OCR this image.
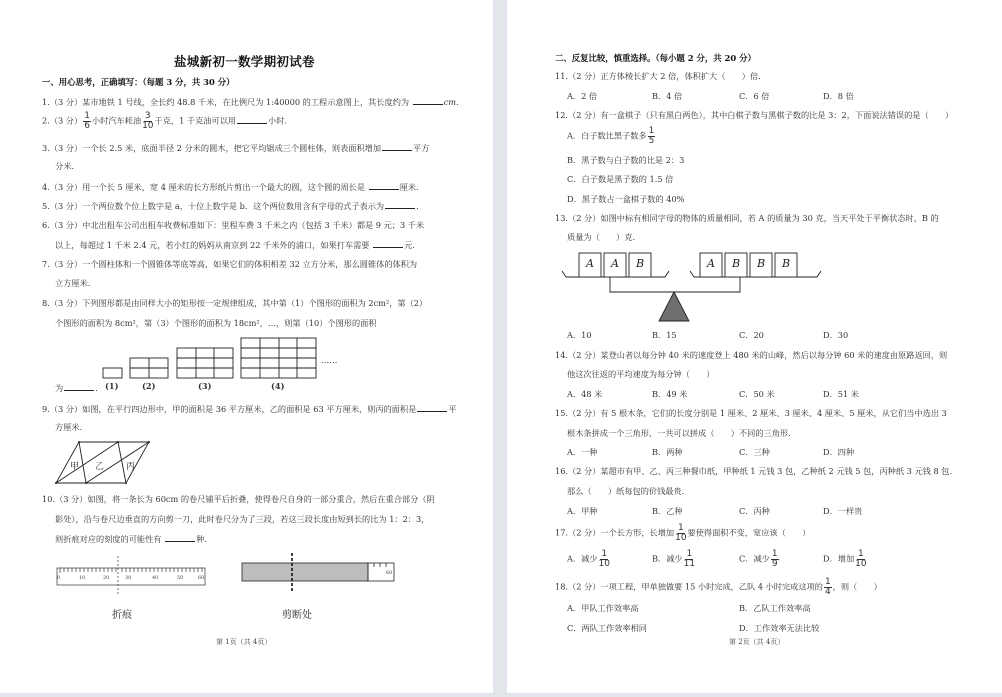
盐城新初一数学期初试卷
一、用心思考，正确填写：（每题 3 分，共 30 分）
1.（3 分）某市地铁 1 号线，全长约 48.8 千米，在比例尺为 1:40000 的工程示意图上，其长度约为	cm.
2.（3 分） $\frac{1}{6}$ 小时汽车耗油 $\frac{3}{10}$ 千克，1 千克油可以用	小时.
3.（3 分）一个长 2.5 米，底面半径 2 分米的圆木，把它平均锯成三个圆柱体，则表面积增加	平方
分米.
4.（3 分）用一个长 5 厘米，宽 4 厘米的长方形纸片剪出一个最大的圆，这个圆的周长是	厘米.
5.（3 分）一个两位数个位上数字是 a，十位上数字是 b．这个两位数用含有字母的式子表示为	.
6.（3 分）中北出租车公司出租车收费标准如下：里程车费 3 千米之内（包括 3 千米）都是 9 元；3 千米
以上，每超过 1 千米 2.4 元，若小红的妈妈从南京到 22 千米外的浦口，如果打车需要	元.
7.（3 分）一个圆柱体和一个圆锥体等底等高，如果它们的体积相差 32 立方分米，那么圆锥体的体积为
立方厘米.
8.（3 分）下列图形都是由同样大小的矩形按一定规律组成，其中第（1）个图形的面积为 2cm²，第（2）
个图形的面积为 8cm²，第（3）个图形的面积为 18cm²，…，则第（10）个图形的面积
为	. (1)	(2)	(3)	(4)
……
9.（3 分）如图，在平行四边形中，甲的面积是 36 平方厘米，乙的面积是 63 平方厘米，则丙的面积是	平
方厘米.
甲 乙 丙
10.（3 分）如图，将一条长为 60cm 的卷尺铺平后折叠，使得卷尺自身的一部分重合，然后在重合部分（阴
影处），沿与卷尺边垂直的方向剪一刀，此时卷尺分为了三段，若这三段长度由短到长的比为 1：2：3，
则折痕对应的刻度的可能性有	种.
0	10	20	30	40	50	60
60
折痕	剪断处
第 1页（共 4页）
二、反复比较，慎重选择。（每小题 2 分，共 20 分）
11.（2 分）正方体棱长扩大 2 倍，体积扩大（　　）倍.
A．2 倍	B．4 倍	C．6 倍	D．8 倍
12.（2 分）有一盒棋子（只有黑白两色），其中白棋子数与黑棋子数的比是 3：2，下面说法错误的是（　　）
A．白子数比黑子数多 $\frac{1}{5}$
B．黑子数与白子数的比是 2：3
C．白子数是黑子数的 1.5 倍
D．黑子数占一盒棋子数的 40%
13.（2 分）如图中标有相同字母的物体的质量相同，若 A 的质量为 30 克，当天平处于平衡状态时，B 的
质量为（　　）克.
A A B	A B B B
A．10	B．15	C．20	D．30
14.（2 分）某登山者以每分钟 40 米的速度登上 480 米的山峰，然后以每分钟 60 米的速度由原路返回，则
他这次往返的平均速度为每分钟（　　）
A．48 米	B．49 米	C．50 米	D．51 米
15.（2 分）有 5 根木条，它们的长度分别是 1 厘米、2 厘米、3 厘米、4 厘米、5 厘米，从它们当中选出 3
根木条拼成一个三角形，一共可以拼成（　　）不同的三角形.
A．一种	B．两种	C．三种	D．四种
16.（2 分）某超市有甲、乙、丙三种餐巾纸，甲种纸 1 元钱 3 包，乙种纸 2 元钱 5 包，丙种纸 3 元钱 8 包.
那么（　　）纸每包的价钱最贵.
A．甲种	B．乙种	C．丙种	D．一样贵
17.（2 分）一个长方形，长增加 $\frac{1}{10}$ 要使得面积不变，宽应该（　　）
A．减少 $\frac{1}{10}$	B．减少 $\frac{1}{11}$	C．减少 $\frac{1}{9}$	D．增加 $\frac{1}{10}$
18.（2 分）一项工程，甲单独做要 15 小时完成，乙队 4 小时完成这项的 $\frac{1}{4}$ ，则（　　）
A．甲队工作效率高	B．乙队工作效率高
C．两队工作效率相同	D．工作效率无法比较
第 2页（共 4页）
